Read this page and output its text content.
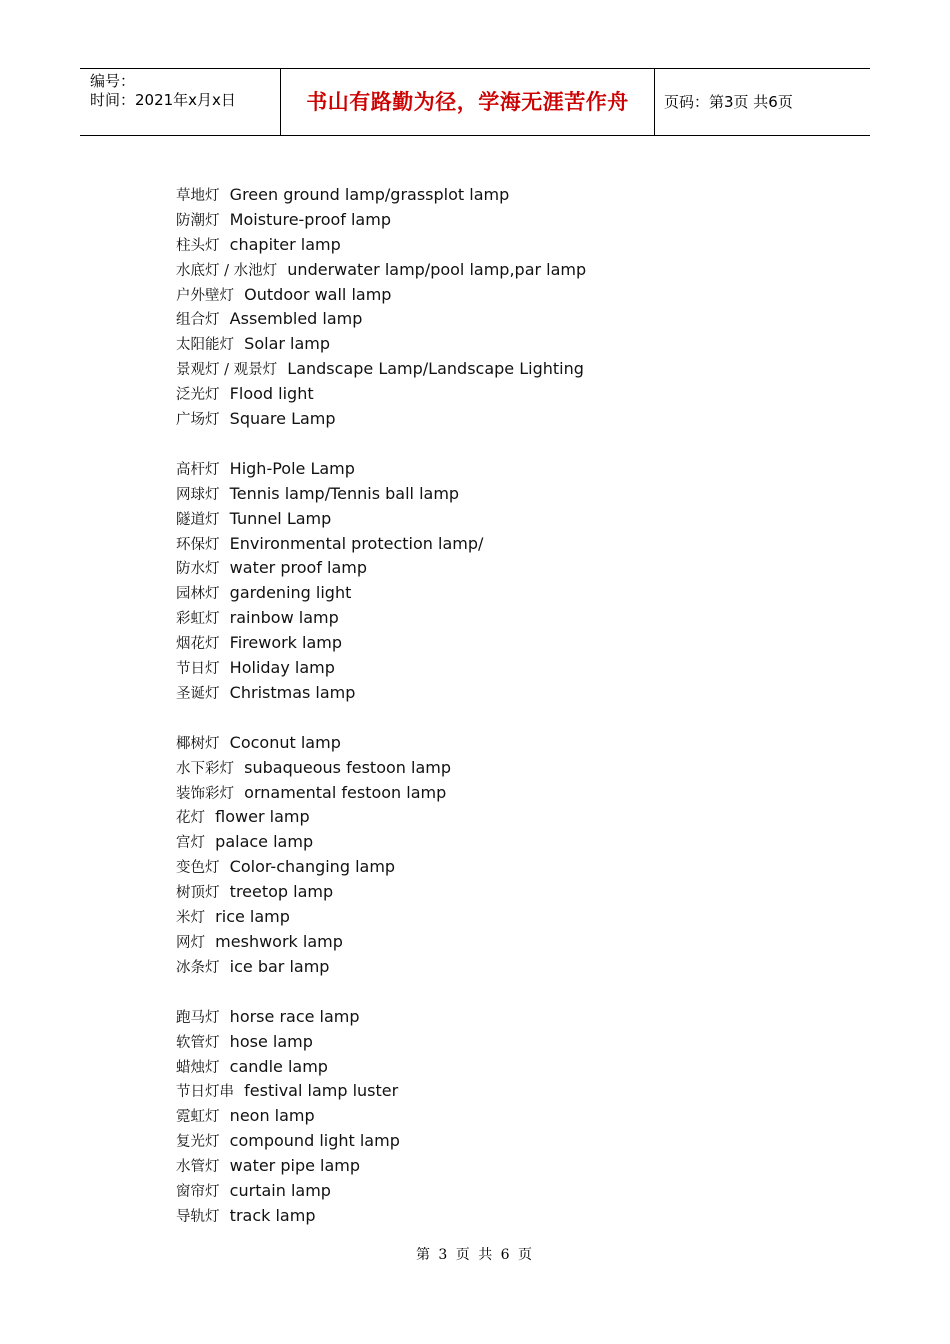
编号：
时间：2021年x月x日	书山有路勤为径，学海无涯苦作舟	页码：第3页 共6页
草地灯 Green ground lamp/grassplot lamp
防潮灯 Moisture-proof lamp
柱头灯 chapiter lamp
水底灯 / 水池灯 underwater lamp/pool lamp,par lamp
户外壁灯 Outdoor wall lamp
组合灯 Assembled lamp
太阳能灯 Solar lamp
景观灯 / 观景灯 Landscape Lamp/Landscape Lighting
泛光灯 Flood light
广场灯 Square Lamp
高杆灯 High-Pole Lamp
网球灯 Tennis lamp/Tennis ball lamp
隧道灯 Tunnel Lamp
环保灯 Environmental protection lamp/
防水灯 water proof lamp
园林灯 gardening light
彩虹灯 rainbow lamp
烟花灯 Firework lamp
节日灯 Holiday lamp
圣诞灯 Christmas lamp
椰树灯 Coconut lamp
水下彩灯 subaqueous festoon lamp
装饰彩灯 ornamental festoon lamp
花灯 flower lamp
宫灯 palace lamp
变色灯 Color-changing lamp
树顶灯 treetop lamp
米灯 rice lamp
网灯 meshwork lamp
冰条灯 ice bar lamp
跑马灯 horse race lamp
软管灯 hose lamp
蜡烛灯 candle lamp
节日灯串 festival lamp luster
霓虹灯 neon lamp
复光灯 compound light lamp
水管灯 water pipe lamp
窗帘灯 curtain lamp
导轨灯 track lamp
第 3 页 共 6 页
